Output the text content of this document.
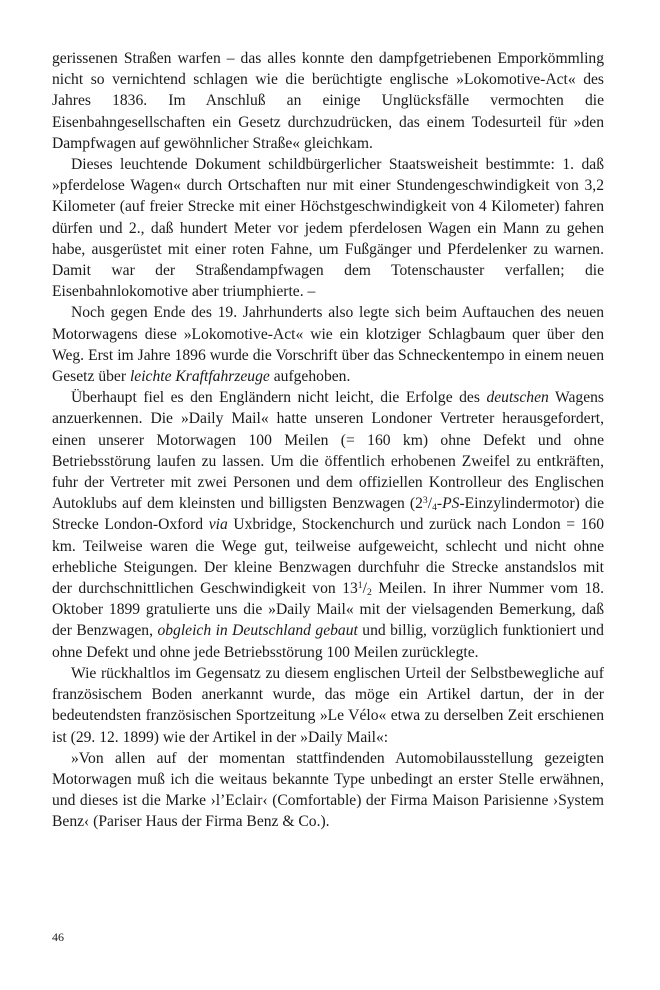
gerissenen Straßen warfen – das alles konnte den dampfgetriebenen Emporkömmling nicht so vernichtend schlagen wie die berüchtigte englische »Lokomotive-Act« des Jahres 1836. Im Anschluß an einige Unglücksfälle vermochten die Eisenbahngesellschaften ein Gesetz durchzudrücken, das einem Todesurteil für »den Dampfwagen auf gewöhnlicher Straße« gleichkam.

Dieses leuchtende Dokument schildbürgerlicher Staatsweisheit bestimmte: 1. daß »pferdelose Wagen« durch Ortschaften nur mit einer Stundengeschwindigkeit von 3,2 Kilometer (auf freier Strecke mit einer Höchstgeschwindigkeit von 4 Kilometer) fahren dürfen und 2., daß hundert Meter vor jedem pferdelosen Wagen ein Mann zu gehen habe, ausgerüstet mit einer roten Fahne, um Fußgänger und Pferdelenker zu warnen. Damit war der Straßendampfwagen dem Totenschauster verfallen; die Eisenbahnlokomotive aber triumphierte. –

Noch gegen Ende des 19. Jahrhunderts also legte sich beim Auftauchen des neuen Motorwagens diese »Lokomotive-Act« wie ein klotziger Schlagbaum quer über den Weg. Erst im Jahre 1896 wurde die Vorschrift über das Schneckentempo in einem neuen Gesetz über leichte Kraftfahrzeuge aufgehoben.

Überhaupt fiel es den Engländern nicht leicht, die Erfolge des deutschen Wagens anzuerkennen. Die »Daily Mail« hatte unseren Londoner Vertreter herausgefordert, einen unserer Motorwagen 100 Meilen (= 160 km) ohne Defekt und ohne Betriebsstörung laufen zu lassen. Um die öffentlich erhobenen Zweifel zu entkräften, fuhr der Vertreter mit zwei Personen und dem offiziellen Kontrolleur des Englischen Autoklubs auf dem kleinsten und billigsten Benzwagen $(2^3/_4-PS-Einzylindermotor)$ die Strecke London-Oxford via Uxbridge, Stockenchurch und zurück nach London = 160 km. Teilweise waren die Wege gut, teilweise aufgeweicht, schlecht und nicht ohne erhebliche Steigungen. Der kleine Benzwagen durchfuhr die Strecke anstandslos mit der durchschnittlichen Geschwindigkeit von $13^1/_2$ Meilen. In ihrer Nummer vom 18. Oktober 1899 gratulierte uns die »Daily Mail« mit der vielsagenden Bemerkung, daß der Benzwagen, obgleich in Deutschland gebaut und billig, vorzüglich funktioniert und ohne Defekt und ohne jede Betriebsstörung 100 Meilen zurücklegte.

Wie rückhaltlos im Gegensatz zu diesem englischen Urteil der Selbstbewegliche auf französischem Boden anerkannt wurde, das möge ein Artikel dartun, der in der bedeutendsten französischen Sportzeitung »Le Vélo« etwa zu derselben Zeit erschienen ist (29. 12. 1899) wie der Artikel in der »Daily Mail«:

»Von allen auf der momentan stattfindenden Automobilausstellung gezeigten Motorwagen muß ich die weitaus bekannte Type unbedingt an erster Stelle erwähnen, und dieses ist die Marke ›l’Eclair‹ (Comfortable) der Firma Maison Parisienne ›System Benz‹ (Pariser Haus der Firma Benz & Co.).

46
